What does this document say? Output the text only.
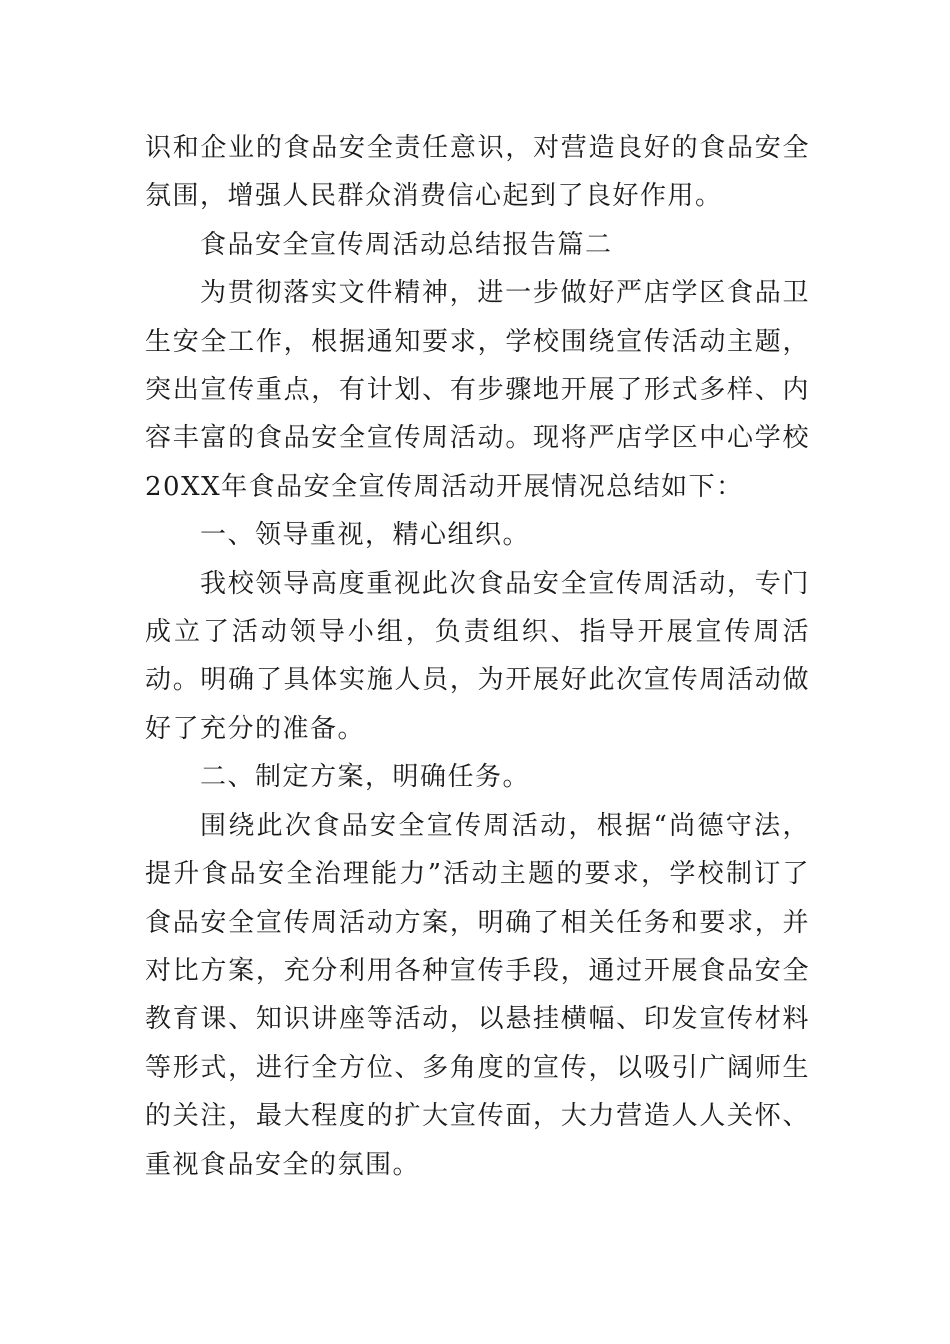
识和企业的食品安全责任意识，对营造良好的食品安全氛围，增强人民群众消费信心起到了良好作用。

食品安全宣传周活动总结报告篇二

为贯彻落实文件精神，进一步做好严店学区食品卫生安全工作，根据通知要求，学校围绕宣传活动主题，突出宣传重点，有计划、有步骤地开展了形式多样、内容丰富的食品安全宣传周活动。现将严店学区中心学校20XX年食品安全宣传周活动开展情况总结如下：

一、领导重视，精心组织。

我校领导高度重视此次食品安全宣传周活动，专门成立了活动领导小组，负责组织、指导开展宣传周活动。明确了具体实施人员，为开展好此次宣传周活动做好了充分的准备。

二、制定方案，明确任务。

围绕此次食品安全宣传周活动，根据“尚德守法，提升食品安全治理能力”活动主题的要求，学校制订了食品安全宣传周活动方案，明确了相关任务和要求，并对比方案，充分利用各种宣传手段，通过开展食品安全教育课、知识讲座等活动，以悬挂横幅、印发宣传材料等形式，进行全方位、多角度的宣传，以吸引广阔师生的关注，最大程度的扩大宣传面，大力营造人人关怀、重视食品安全的氛围。
